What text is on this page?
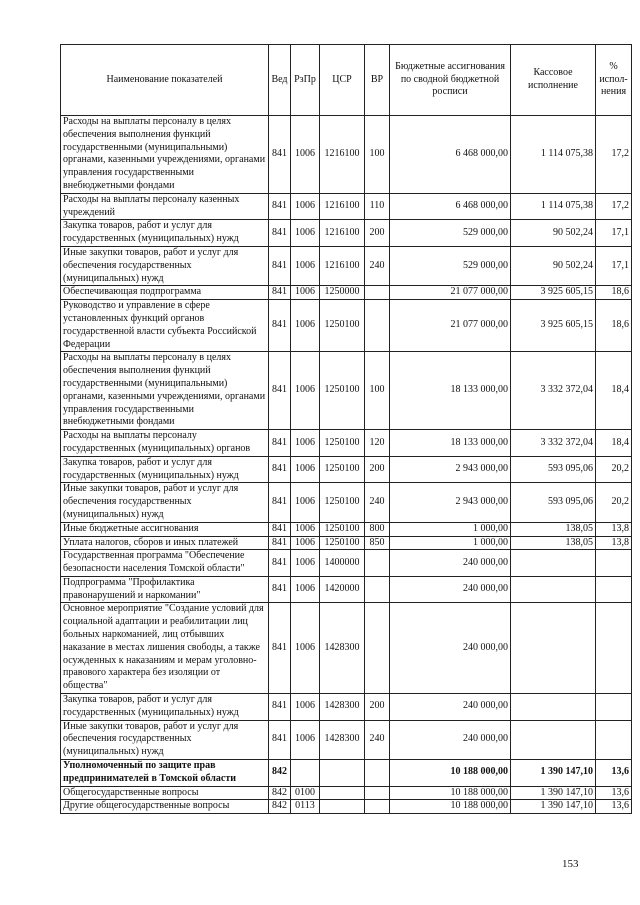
Наименование показателей	Вед	РзПр	ЦСР	ВР	Бюджетные ассигнования по сводной бюджетной росписи	Кассовое исполнение	% испол-нения
Расходы на выплаты персоналу в целях обеспечения выполнения функций государственными (муниципальными) органами, казенными учреждениями, органами управления государственными внебюджетными фондами	841	1006	1216100	100	6 468 000,00	1 114 075,38	17,2
Расходы на выплаты персоналу казенных учреждений	841	1006	1216100	110	6 468 000,00	1 114 075,38	17,2
Закупка товаров, работ и услуг для государственных (муниципальных) нужд	841	1006	1216100	200	529 000,00	90 502,24	17,1
Иные закупки товаров, работ и услуг для обеспечения государственных (муниципальных) нужд	841	1006	1216100	240	529 000,00	90 502,24	17,1
Обеспечивающая подпрограмма	841	1006	1250000		21 077 000,00	3 925 605,15	18,6
Руководство и управление в сфере установленных функций органов государственной власти субъекта Российской Федерации	841	1006	1250100		21 077 000,00	3 925 605,15	18,6
Расходы на выплаты персоналу в целях обеспечения выполнения функций государственными (муниципальными) органами, казенными учреждениями, органами управления государственными внебюджетными фондами	841	1006	1250100	100	18 133 000,00	3 332 372,04	18,4
Расходы на выплаты персоналу государственных (муниципальных) органов	841	1006	1250100	120	18 133 000,00	3 332 372,04	18,4
Закупка товаров, работ и услуг для государственных (муниципальных) нужд	841	1006	1250100	200	2 943 000,00	593 095,06	20,2
Иные закупки товаров, работ и услуг для обеспечения государственных (муниципальных) нужд	841	1006	1250100	240	2 943 000,00	593 095,06	20,2
Иные бюджетные ассигнования	841	1006	1250100	800	1 000,00	138,05	13,8
Уплата налогов, сборов и иных платежей	841	1006	1250100	850	1 000,00	138,05	13,8
Государственная программа "Обеспечение безопасности населения Томской области"	841	1006	1400000		240 000,00		
Подпрограмма "Профилактика правонарушений и наркомании"	841	1006	1420000		240 000,00		
Основное мероприятие "Создание условий для социальной адаптации и реабилитации лиц больных наркоманией, лиц отбывших наказание в местах лишения свободы, а также осужденных к наказаниям и мерам уголовно-правового характера без изоляции от общества"	841	1006	1428300		240 000,00		
Закупка товаров, работ и услуг для государственных (муниципальных) нужд	841	1006	1428300	200	240 000,00		
Иные закупки товаров, работ и услуг для обеспечения государственных (муниципальных) нужд	841	1006	1428300	240	240 000,00		
Уполномоченный по защите прав предпринимателей в Томской области	842				10 188 000,00	1 390 147,10	13,6
Общегосударственные вопросы	842	0100			10 188 000,00	1 390 147,10	13,6
Другие общегосударственные вопросы	842	0113			10 188 000,00	1 390 147,10	13,6
153
